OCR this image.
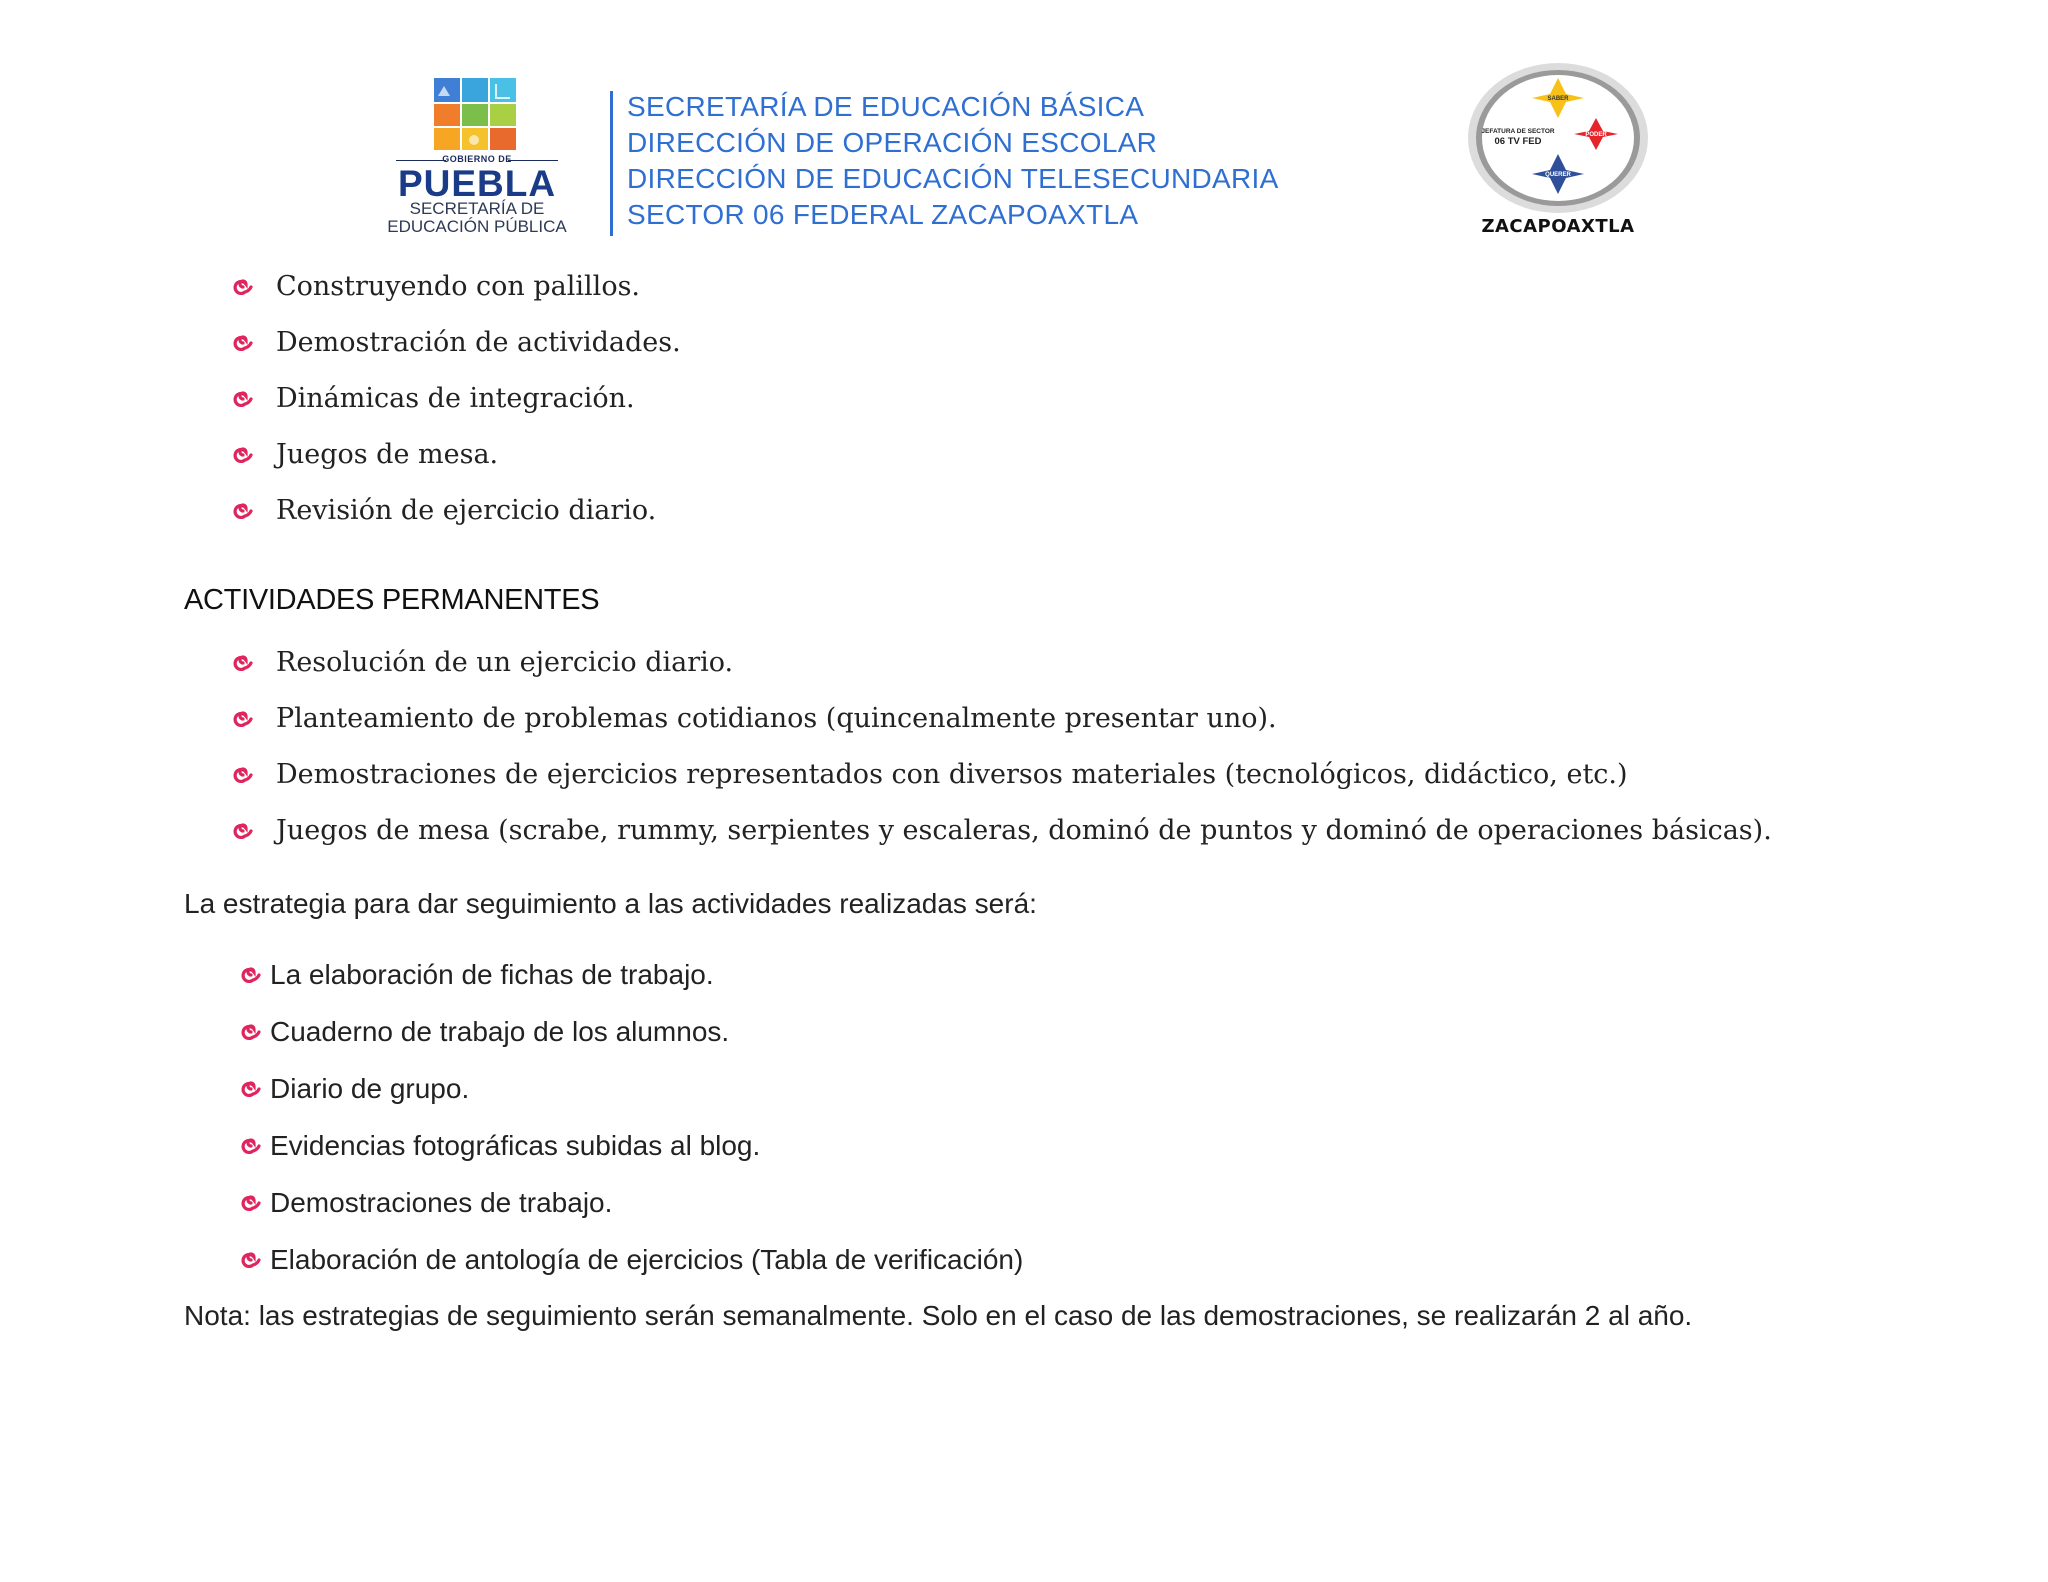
GOBIERNO DE
PUEBLA
SECRETARÍA DE
EDUCACIÓN PÚBLICA
SECRETARÍA DE EDUCACIÓN BÁSICA
DIRECCIÓN DE OPERACIÓN ESCOLAR
DIRECCIÓN DE EDUCACIÓN TELESECUNDARIA
SECTOR 06 FEDERAL ZACAPOAXTLA
SABER
PODER
QUERER
JEFATURA DE SECTOR
06 TV FED
ZACAPOAXTLA
Construyendo con palillos.
Demostración de actividades.
Dinámicas de integración.
Juegos de mesa.
Revisión de ejercicio diario.
ACTIVIDADES PERMANENTES
Resolución de un ejercicio diario.
Planteamiento de problemas cotidianos (quincenalmente presentar uno).
Demostraciones de ejercicios representados con diversos materiales (tecnológicos, didáctico, etc.)
Juegos de mesa (scrabe, rummy, serpientes y escaleras, dominó de puntos y dominó de operaciones básicas).
La estrategia para dar seguimiento a las actividades realizadas será:
La elaboración de fichas de trabajo.
Cuaderno de trabajo de los alumnos.
Diario de grupo.
Evidencias fotográficas subidas al blog.
Demostraciones de trabajo.
Elaboración de antología de ejercicios (Tabla de verificación)
Nota: las estrategias de seguimiento serán semanalmente. Solo en el caso de las demostraciones, se realizarán 2 al año.
